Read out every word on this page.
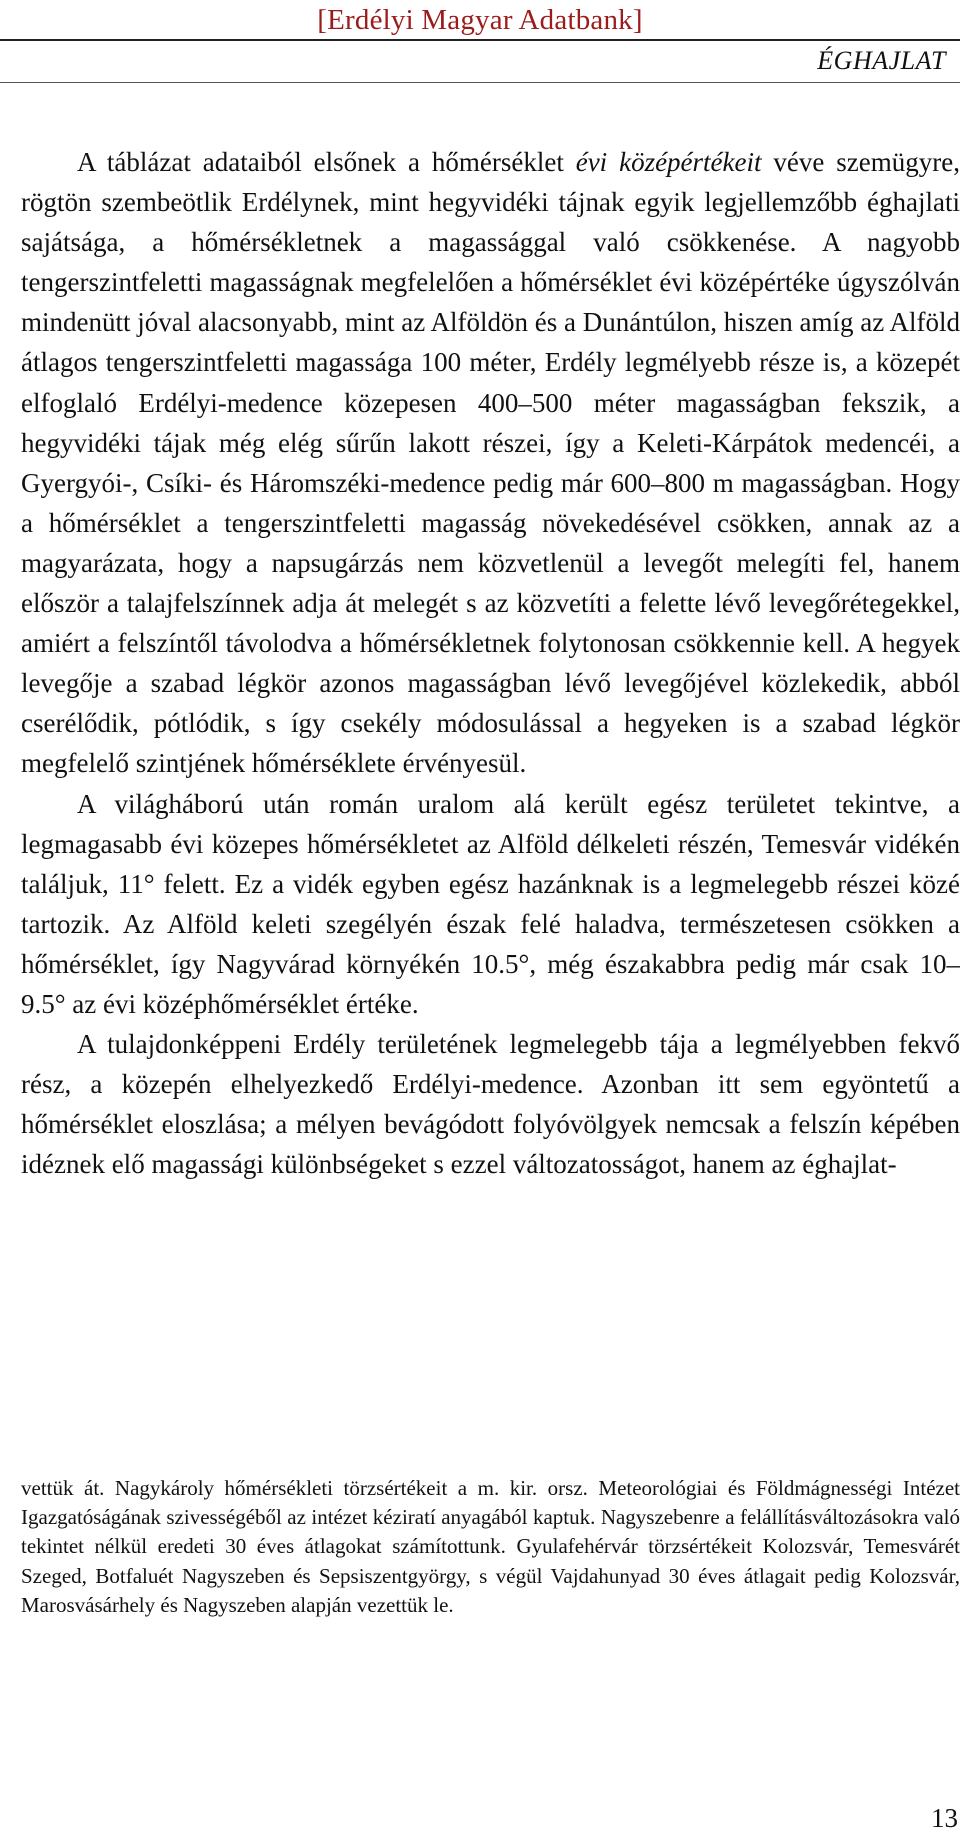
[Erdélyi Magyar Adatbank]
ÉGHAJLAT

A táblázat adataiból elsőnek a hőmérséklet évi középértékeit véve szemügyre, rögtön szembeötlik Erdélynek, mint hegyvidéki tájnak egyik legjellemzőbb éghajlati sajátsága, a hőmérsékletnek a magassággal való csökkenése. A nagyobb tengerszintfeletti magasságnak megfelelően a hőmérséklet évi középértéke úgyszólván mindenütt jóval alacsonyabb, mint az Alföldön és a Dunántúlon, hiszen amíg az Alföld átlagos tengerszintfeletti magassága 100 méter, Erdély legmélyebb része is, a közepét elfoglaló Erdélyi-medence közepesen 400–500 méter magasságban fekszik, a hegyvidéki tájak még elég sűrűn lakott részei, így a Keleti-Kárpátok medencéi, a Gyergyói-, Csíki- és Háromszéki-medence pedig már 600–800 m magasságban. Hogy a hőmérséklet a tengerszintfeletti magasság növekedésével csökken, annak az a magyarázata, hogy a napsugárzás nem közvetlenül a levegőt melegíti fel, hanem először a talajfelszínnek adja át melegét s az közvetíti a felette lévő levegőrétegekkel, amiért a felszíntől távolodva a hőmérsékletnek folytonosan csökkennie kell. A hegyek levegője a szabad légkör azonos magasságban lévő levegőjével közlekedik, abból cserélődik, pótlódik, s így csekély módosulással a hegyeken is a szabad légkör megfelelő szintjének hőmérséklete érvényesül.

A világháború után román uralom alá került egész területet tekintve, a legmagasabb évi közepes hőmérsékletet az Alföld délkeleti részén, Temesvár vidékén találjuk, 11° felett. Ez a vidék egyben egész hazánknak is a legmelegebb részei közé tartozik. Az Alföld keleti szegélyén észak felé haladva, természetesen csökken a hőmérséklet, így Nagyvárad környékén 10.5°, még északabbra pedig már csak 10–9.5° az évi középhőmérséklet értéke.

A tulajdonképpeni Erdély területének legmelegebb tája a legmélyebben fekvő rész, a közepén elhelyezkedő Erdélyi-medence. Azonban itt sem egyöntetű a hőmérséklet eloszlása; a mélyen bevágódott folyóvölgyek nemcsak a felszín képében idéznek elő magassági különbségeket s ezzel változatosságot, hanem az éghajlat-

vettük át. Nagykároly hőmérsékleti törzsértékeit a m. kir. orsz. Meteorológiai és Földmágnességi Intézet Igazgatóságának szivességéből az intézet kéziratí anyagából kaptuk. Nagyszebenre a felállításváltozásokra való tekintet nélkül eredeti 30 éves átlagokat számítottunk. Gyulafehérvár törzsértékeit Kolozsvár, Temesvárét Szeged, Botfaluét Nagyszeben és Sepsiszentgyörgy, s végül Vajdahunyad 30 éves átlagait pedig Kolozsvár, Marosvásárhely és Nagyszeben alapján vezettük le.

13
